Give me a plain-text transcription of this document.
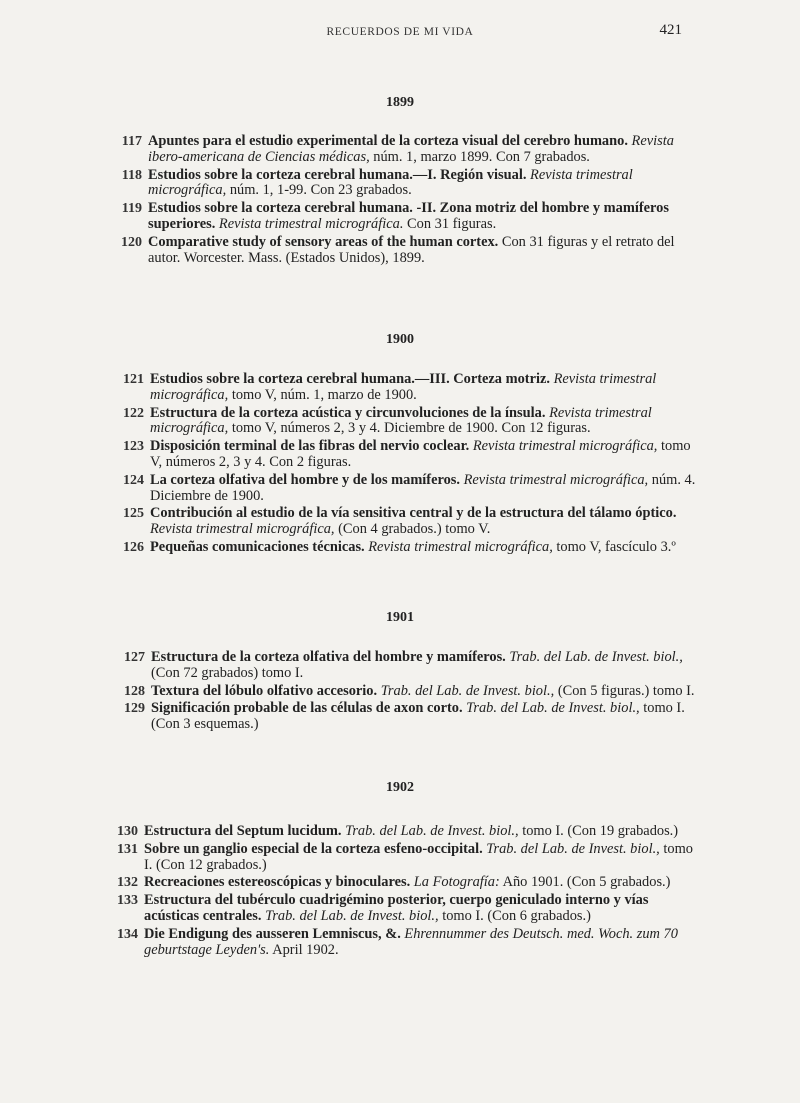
RECUERDOS DE MI VIDA	421
1899
117 Apuntes para el estudio experimental de la corteza visual del cerebro humano. Revista ibero-americana de Ciencias médicas, núm. 1, marzo 1899. Con 7 grabados.
118 Estudios sobre la corteza cerebral humana.—I. Región visual. Revista trimestral micrográfica, núm. 1, 1-99. Con 23 grabados.
119 Estudios sobre la corteza cerebral humana. -II. Zona motriz del hombre y mamíferos superiores. Revista trimestral micrográfica. Con 31 figuras.
120 Comparative study of sensory areas of the human cortex. Con 31 figuras y el retrato del autor. Worcester. Mass. (Estados Unidos), 1899.
1900
121 Estudios sobre la corteza cerebral humana.—III. Corteza motriz. Revista trimestral micrográfica, tomo V, núm. 1, marzo de 1900.
122 Estructura de la corteza acústica y circunvoluciones de la ínsula. Revista trimestral micrográfica, tomo V, números 2, 3 y 4. Diciembre de 1900. Con 12 figuras.
123 Disposición terminal de las fibras del nervio coclear. Revista trimestral micrográfica, tomo V, números 2, 3 y 4. Con 2 figuras.
124 La corteza olfativa del hombre y de los mamíferos. Revista trimestral micrográfica, núm. 4. Diciembre de 1900.
125 Contribución al estudio de la vía sensitiva central y de la estructura del tálamo óptico. Revista trimestral micrográfica, (Con 4 grabados.) tomo V.
126 Pequeñas comunicaciones técnicas. Revista trimestral micrográfica, tomo V, fascículo 3.º
1901
127 Estructura de la corteza olfativa del hombre y mamíferos. Trab. del Lab. de Invest. biol., (Con 72 grabados) tomo I.
128 Textura del lóbulo olfativo accesorio. Trab. del Lab. de Invest. biol., (Con 5 figuras.) tomo I.
129 Significación probable de las células de axon corto. Trab. del Lab. de Invest. biol., tomo I. (Con 3 esquemas.)
1902
130 Estructura del Septum lucidum. Trab. del Lab. de Invest. biol., tomo I. (Con 19 grabados.)
131 Sobre un ganglio especial de la corteza esfeno-occipital. Trab. del Lab. de Invest. biol., tomo I. (Con 12 grabados.)
132 Recreaciones estereoscópicas y binoculares. La Fotografía: Año 1901. (Con 5 grabados.)
133 Estructura del tubérculo cuadrigémino posterior, cuerpo geniculado interno y vías acústicas centrales. Trab. del Lab. de Invest. biol., tomo I. (Con 6 grabados.)
134 Die Endigung des ausseren Lemniscus, &. Ehrennummer des Deutsch. med. Woch. zum 70 geburtstage Leyden's. April 1902.
